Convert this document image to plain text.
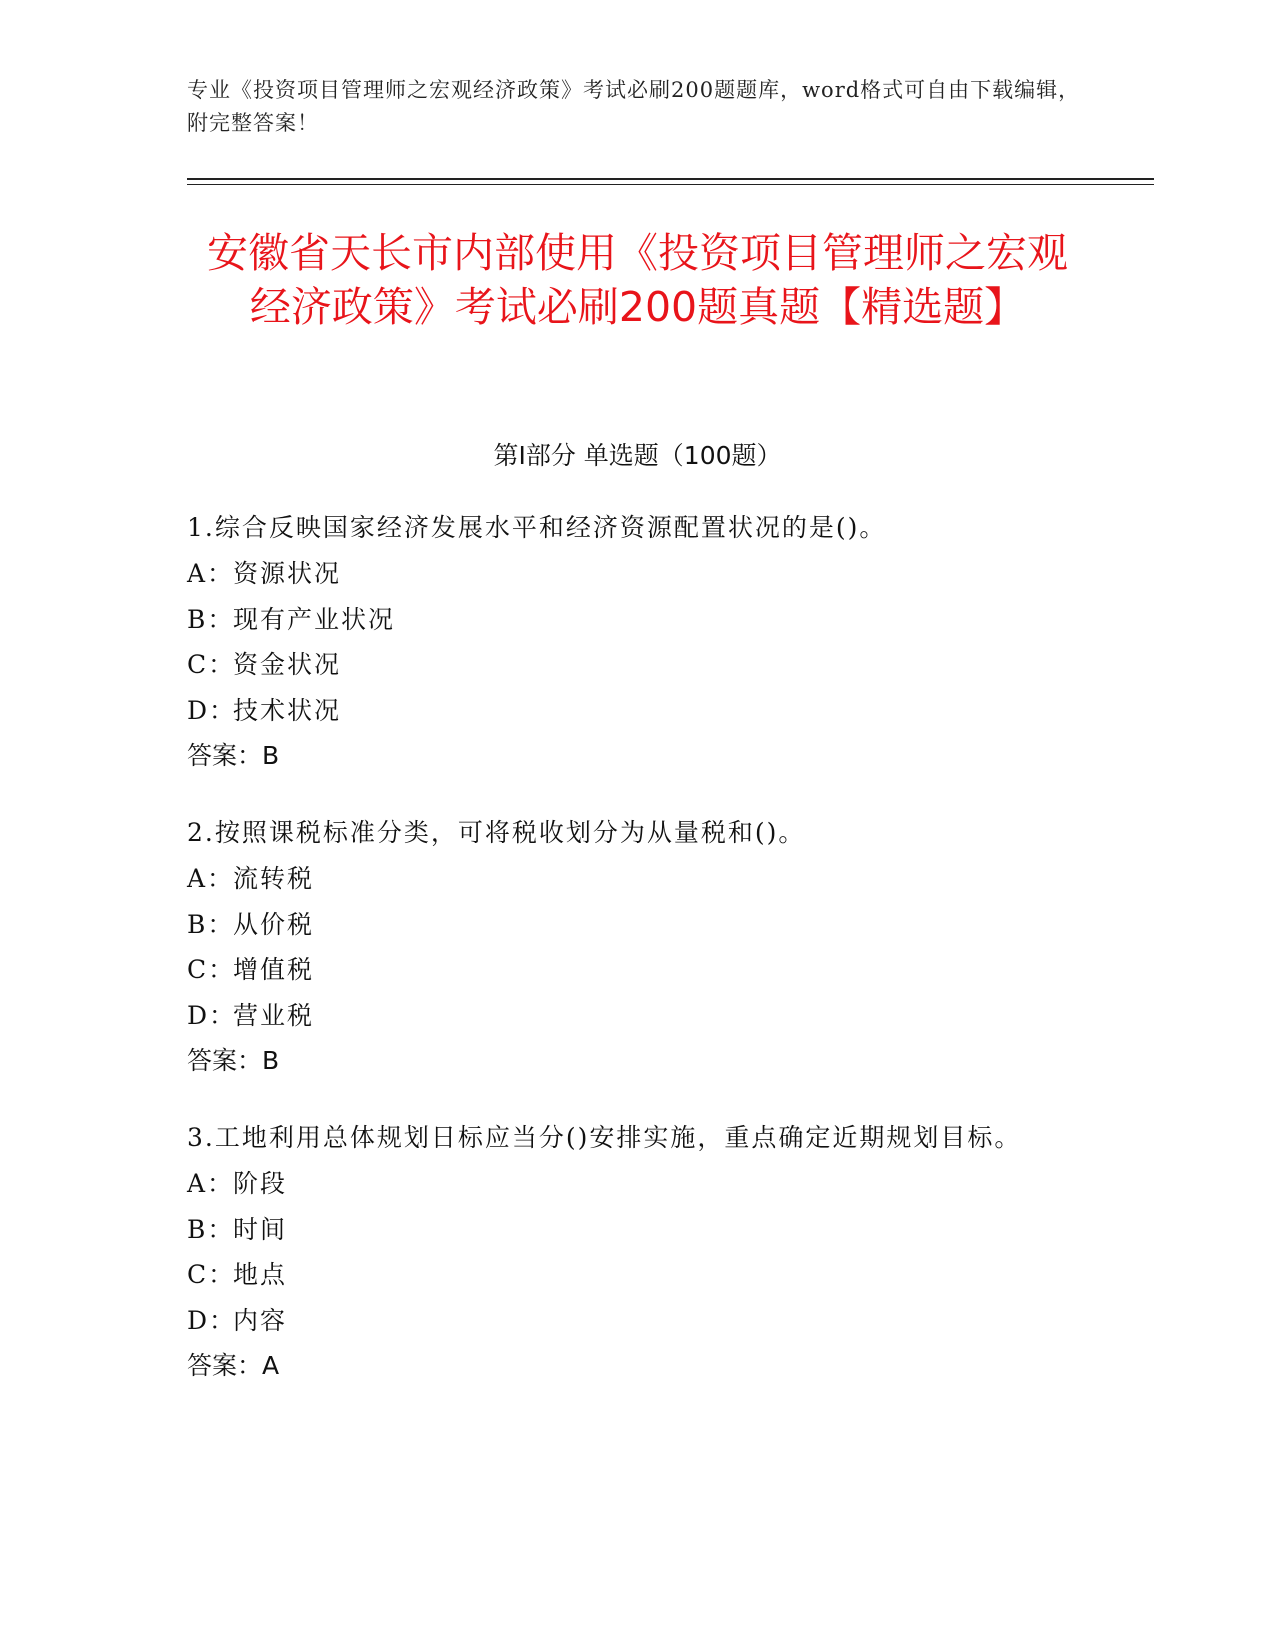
专业《投资项目管理师之宏观经济政策》考试必刷200题题库，word格式可自由下载编辑，附完整答案！
安徽省天长市内部使用《投资项目管理师之宏观经济政策》考试必刷200题真题【精选题】
第I部分 单选题（100题）

1.综合反映国家经济发展水平和经济资源配置状况的是()。

A：资源状况

B：现有产业状况

C：资金状况

D：技术状况

答案：B

2.按照课税标准分类，可将税收划分为从量税和()。

A：流转税

B：从价税

C：增值税

D：营业税

答案：B

3.工地利用总体规划日标应当分()安排实施，重点确定近期规划目标。

A：阶段

B：时间

C：地点

D：内容

答案：A
